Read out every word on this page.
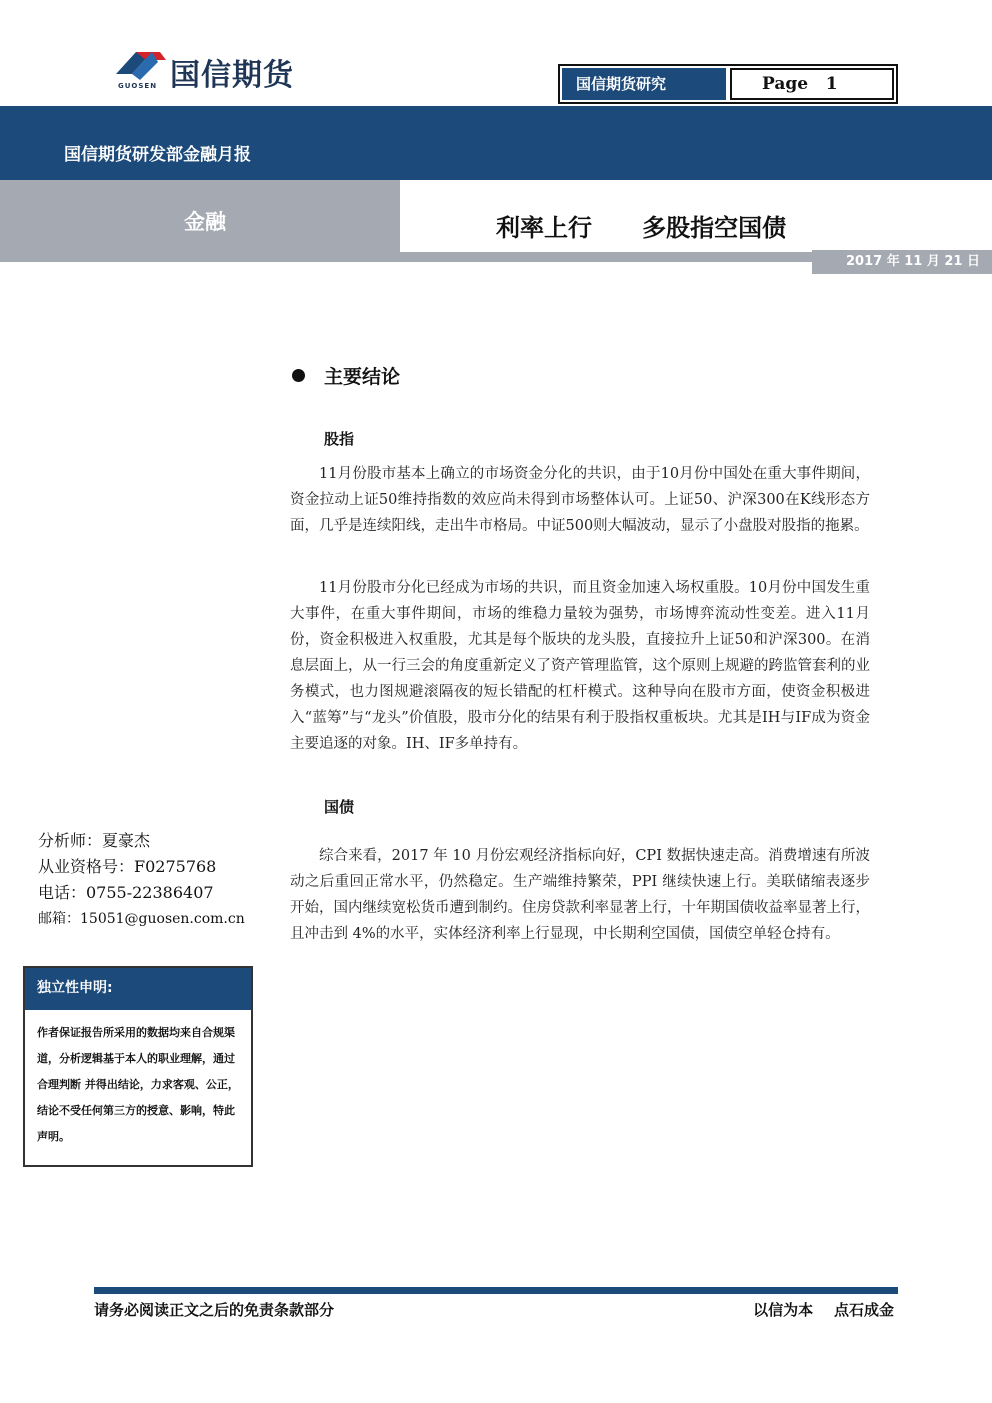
国信期货
GUOSEN	国信期货研究	Page   1
国信期货研发部金融月报
金融	利率上行      多股指空国债
2017 年 11 月 21 日
主要结论
股指

11月份股市基本上确立的市场资金分化的共识，由于10月份中国处在重大事件期间，资金拉动上证50维持指数的效应尚未得到市场整体认可。上证50、沪深300在K线形态方面，几乎是连续阳线，走出牛市格局。中证500则大幅波动，显示了小盘股对股指的拖累。

11月份股市分化已经成为市场的共识，而且资金加速入场权重股。10月份中国发生重大事件，在重大事件期间，市场的维稳力量较为强势，市场博弈流动性变差。进入11月份，资金积极进入权重股，尤其是每个版块的龙头股，直接拉升上证50和沪深300。在消息层面上，从一行三会的角度重新定义了资产管理监管，这个原则上规避的跨监管套利的业务模式，也力图规避滚隔夜的短长错配的杠杆模式。这种导向在股市方面，使资金积极进入“蓝筹”与“龙头”价值股，股市分化的结果有利于股指权重板块。尤其是IH与IF成为资金主要追逐的对象。IH、IF多单持有。

国债

综合来看，2017 年 10 月份宏观经济指标向好，CPI 数据快速走高。消费增速有所波动之后重回正常水平，仍然稳定。生产端维持繁荣，PPI 继续快速上行。美联储缩表逐步开始，国内继续宽松货币遭到制约。住房贷款利率显著上行，十年期国债收益率显著上行，且冲击到 4%的水平，实体经济利率上行显现，中长期利空国债，国债空单轻仓持有。

分析师：夏豪杰
从业资格号：F0275768
电话：0755-22386407
邮箱：15051@guosen.com.cn
独立性申明:
作者保证报告所采用的数据均来自合规渠道，分析逻辑基于本人的职业理解，通过合理判断 并得出结论，力求客观、公正，结论不受任何第三方的授意、影响，特此声明。
请务必阅读正文之后的免责条款部分	以信为本    点石成金
